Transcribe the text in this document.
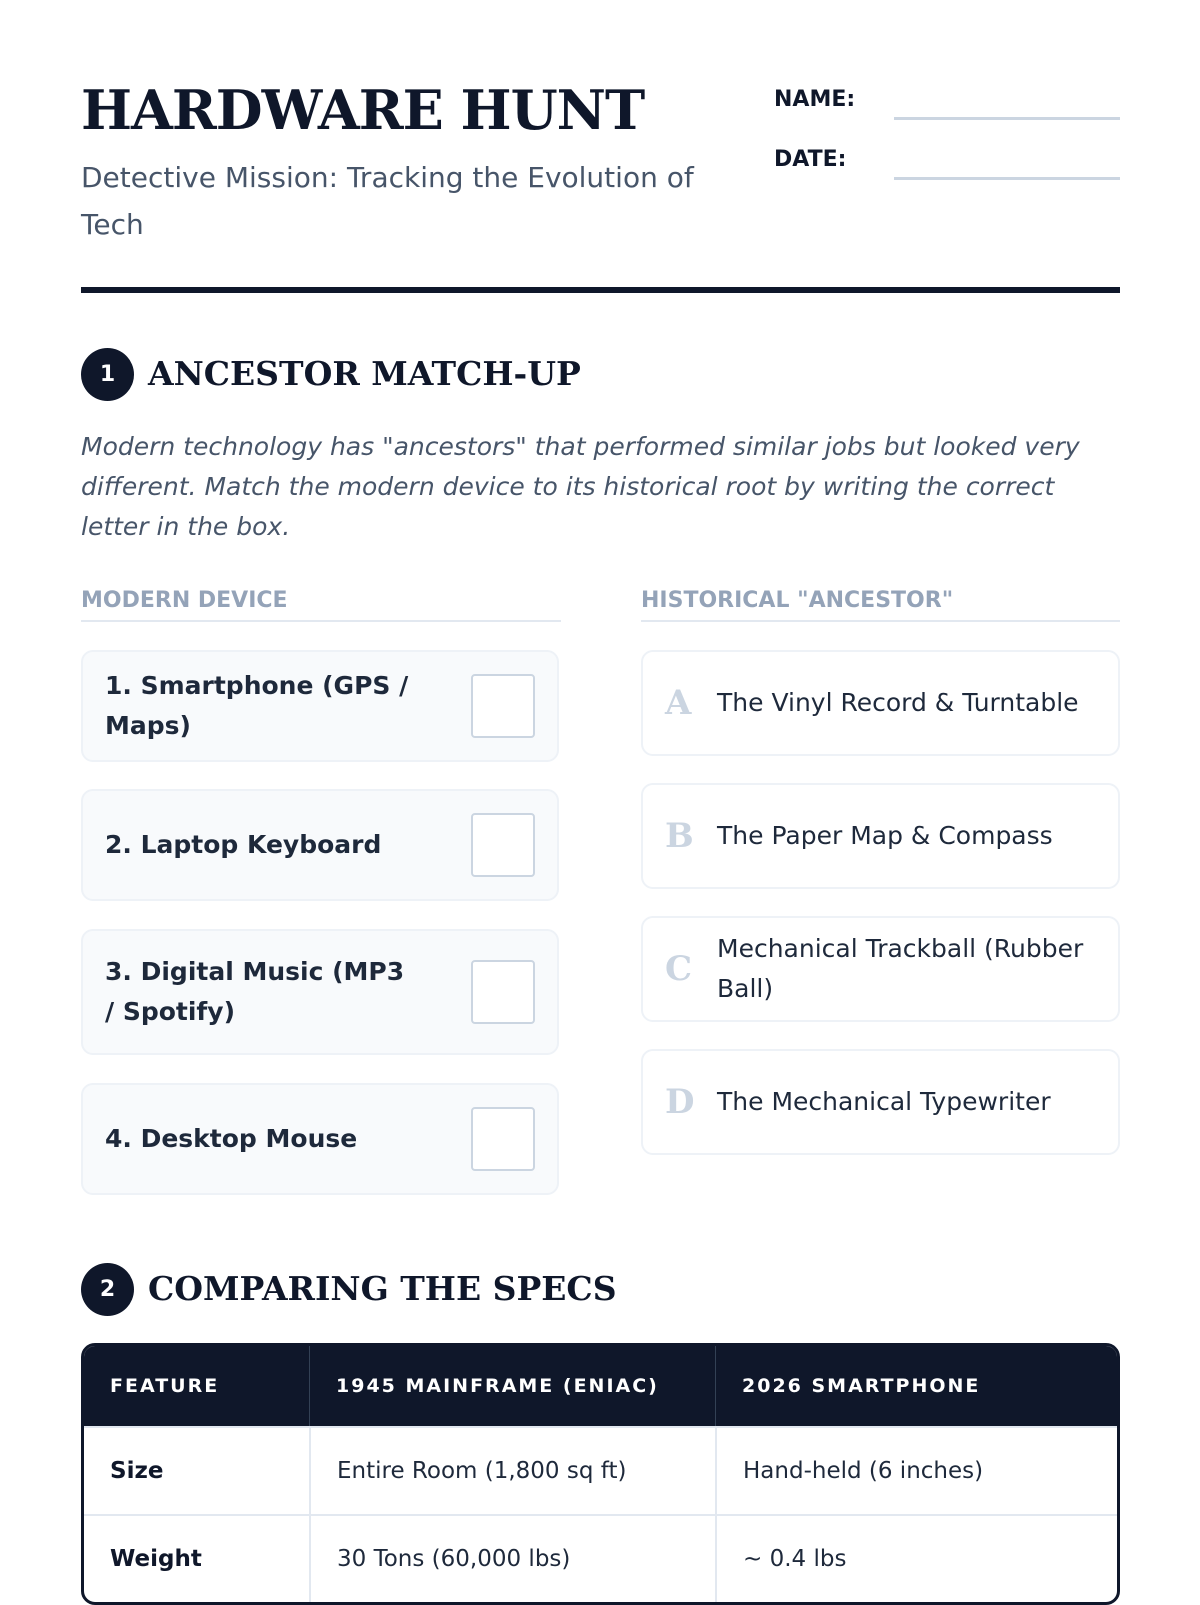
HARDWARE HUNT
Detective Mission: Tracking the Evolution of Tech
NAME:
DATE:
1 ANCESTOR MATCH-UP
Modern technology has "ancestors" that performed similar jobs but looked very different. Match the modern device to its historical root by writing the correct letter in the box.
MODERN DEVICE	HISTORICAL "ANCESTOR"
1. Smartphone (GPS / Maps)
2. Laptop Keyboard
3. Digital Music (MP3 / Spotify)
4. Desktop Mouse
A	The Vinyl Record & Turntable
B The Paper Map & Compass
C
Mechanical Trackball (Rubber Ball)
D The Mechanical Typewriter
2 COMPARING THE SPECS
FEATURE	1945 MAINFRAME (ENIAC)	2026 SMARTPHONE
Size	Entire Room (1,800 sq ft)	Hand-held (6 inches)
Weight	30 Tons (60,000 lbs)	~ 0.4 lbs
